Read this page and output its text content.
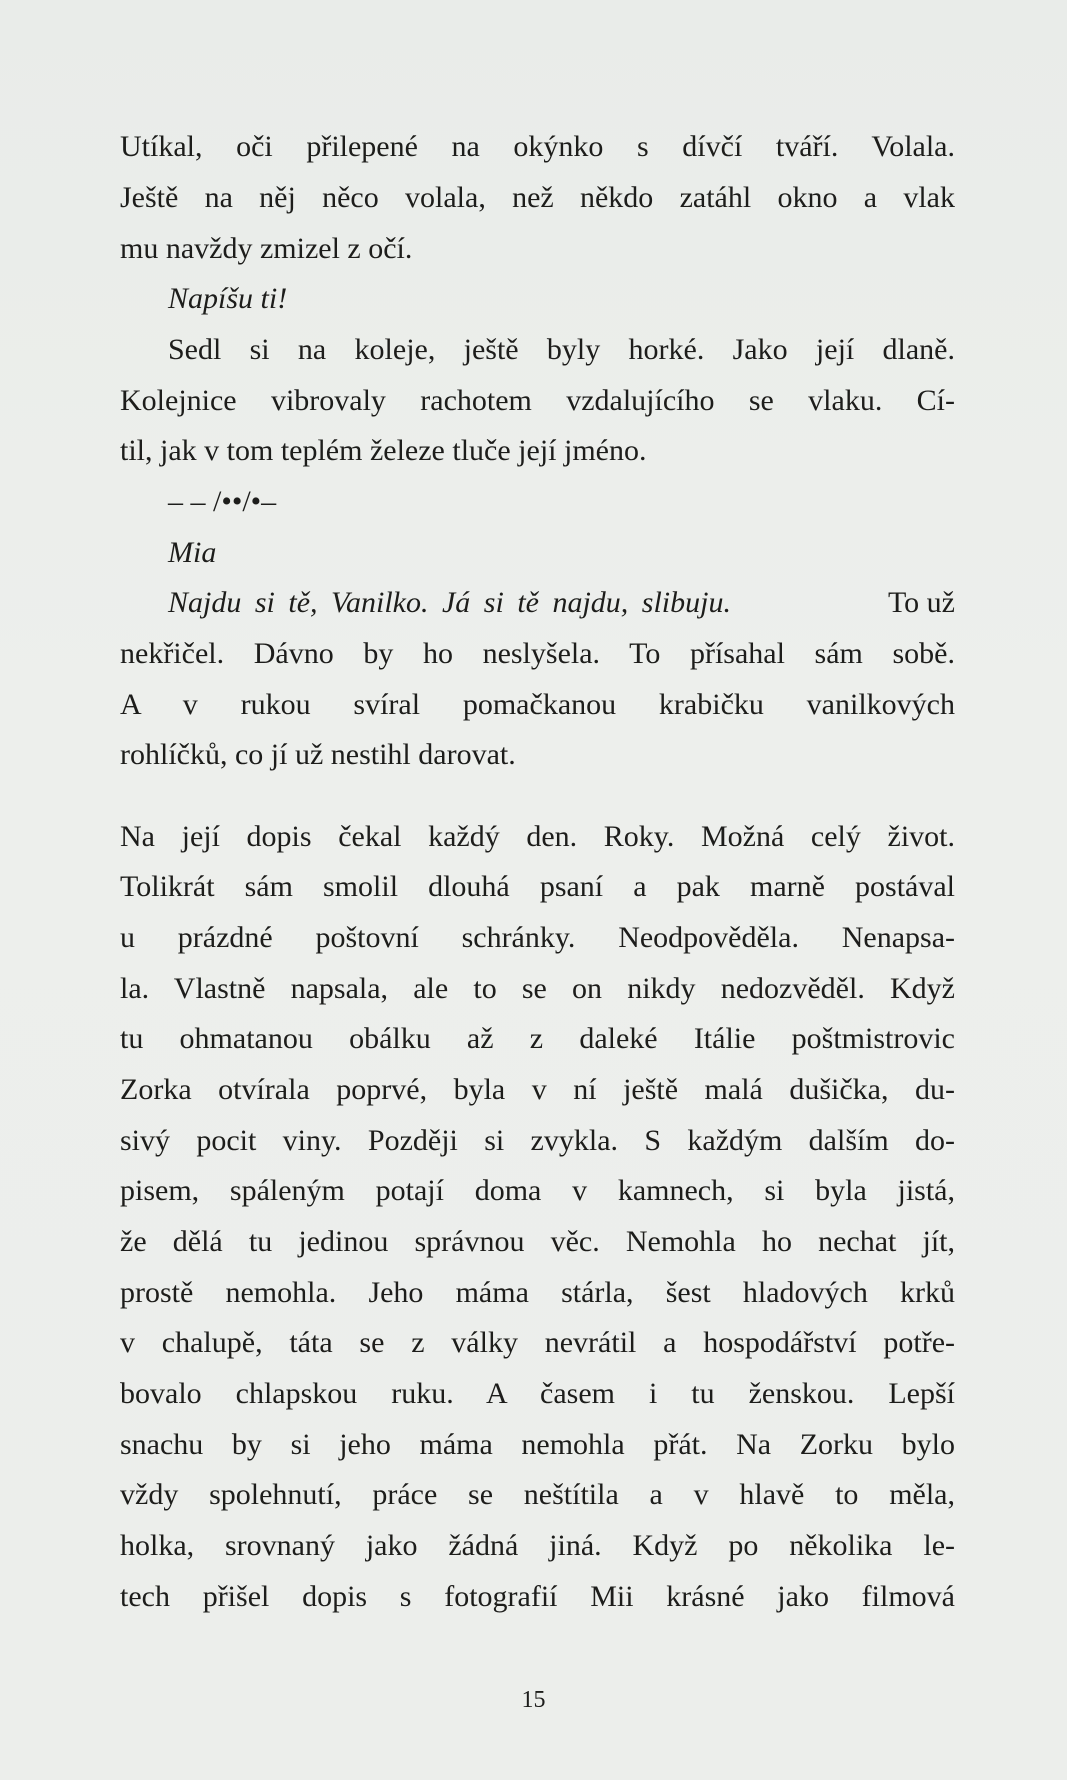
Utíkal, oči přilepené na okýnko s dívčí tváří. Volala.
Ještě na něj něco volala, než někdo zatáhl okno a vlak
mu navždy zmizel z očí.
Napíšu ti!
Sedl si na koleje, ještě byly horké. Jako její dlaně.
Kolejnice vibrovaly rachotem vzdalujícího se vlaku. Cí-
til, jak v tom teplém železe tluče její jméno.
– – /••/•–
Mia
Najdu si tě, Vanilko. Já si tě najdu, slibuju.	To už
nekřičel. Dávno by ho neslyšela. To přísahal sám sobě.
A v rukou svíral pomačkanou krabičku vanilkových
rohlíčků, co jí už nestihl darovat.
Na její dopis čekal každý den. Roky. Možná celý život.
Tolikrát sám smolil dlouhá psaní a pak marně postával
u prázdné poštovní schránky. Neodpověděla. Nenapsa-
la. Vlastně napsala, ale to se on nikdy nedozvěděl. Když
tu ohmatanou obálku až z daleké Itálie poštmistrovic
Zorka otvírala poprvé, byla v ní ještě malá dušička, du-
sivý pocit viny. Později si zvykla. S každým dalším do-
pisem, spáleným potají doma v kamnech, si byla jistá,
že dělá tu jedinou správnou věc. Nemohla ho nechat jít,
prostě nemohla. Jeho máma stárla, šest hladových krků
v chalupě, táta se z války nevrátil a hospodářství potře-
bovalo chlapskou ruku. A časem i tu ženskou. Lepší
snachu by si jeho máma nemohla přát. Na Zorku bylo
vždy spolehnutí, práce se neštítila a v hlavě to měla,
holka, srovnaný jako žádná jiná. Když po několika le-
tech přišel dopis s fotografií Mii krásné jako filmová
15
